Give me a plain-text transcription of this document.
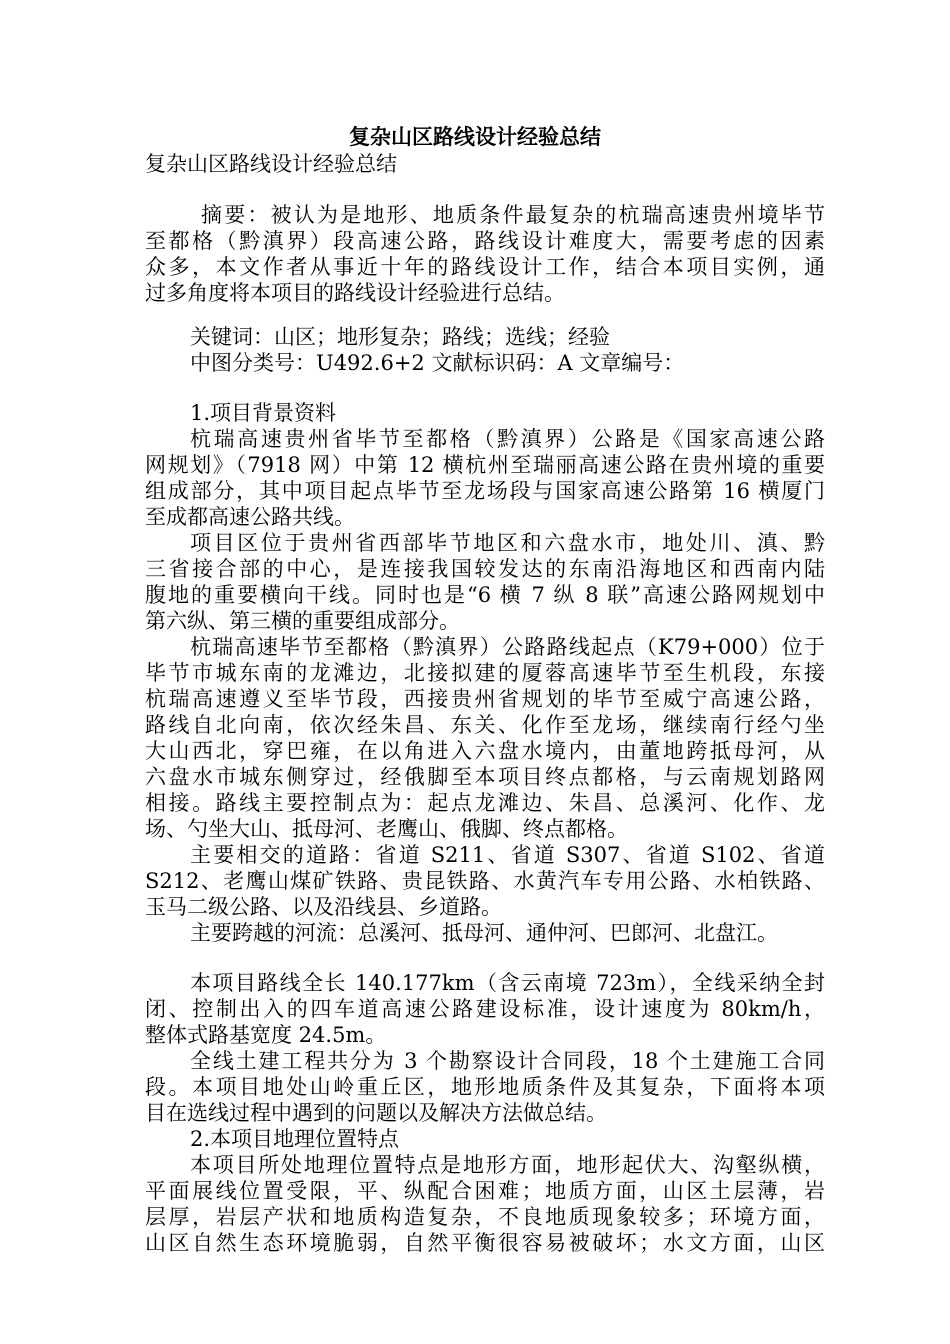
复杂山区路线设计经验总结
复杂山区路线设计经验总结
摘要：被认为是地形、地质条件最复杂的杭瑞高速贵州境毕节
至都格（黔滇界）段高速公路，路线设计难度大，需要考虑的因素
众多，本文作者从事近十年的路线设计工作，结合本项目实例，通
过多角度将本项目的路线设计经验进行总结。
关键词：山区；地形复杂；路线；选线；经验
中图分类号：U492.6+2 文献标识码：A 文章编号：
1.项目背景资料
杭瑞高速贵州省毕节至都格（黔滇界）公路是《国家高速公路
网规划》（7918 网）中第 12 横杭州至瑞丽高速公路在贵州境的重要
组成部分，其中项目起点毕节至龙场段与国家高速公路第 16 横厦门
至成都高速公路共线。
项目区位于贵州省西部毕节地区和六盘水市，地处川、滇、黔
三省接合部的中心，是连接我国较发达的东南沿海地区和西南内陆
腹地的重要横向干线。同时也是“6 横 7 纵 8 联”高速公路网规划中
第六纵、第三横的重要组成部分。
杭瑞高速毕节至都格（黔滇界）公路路线起点（K79+000）位于
毕节市城东南的龙滩边，北接拟建的厦蓉高速毕节至生机段，东接
杭瑞高速遵义至毕节段，西接贵州省规划的毕节至威宁高速公路，
路线自北向南，依次经朱昌、东关、化作至龙场，继续南行经勺坐
大山西北，穿巴雍，在以角进入六盘水境内，由董地跨抵母河，从
六盘水市城东侧穿过，经俄脚至本项目终点都格，与云南规划路网
相接。路线主要控制点为：起点龙滩边、朱昌、总溪河、化作、龙
场、勺坐大山、抵母河、老鹰山、俄脚、终点都格。
主要相交的道路：省道 S211、省道 S307、省道 S102、省道
S212、老鹰山煤矿铁路、贵昆铁路、水黄汽车专用公路、水柏铁路、
玉马二级公路、以及沿线县、乡道路。
主要跨越的河流：总溪河、抵母河、通仲河、巴郎河、北盘江。
本项目路线全长 140.177km（含云南境 723m），全线采纳全封
闭、控制出入的四车道高速公路建设标准，设计速度为 80km/h，
整体式路基宽度 24.5m。
全线土建工程共分为 3 个勘察设计合同段，18 个土建施工合同
段。本项目地处山岭重丘区，地形地质条件及其复杂，下面将本项
目在选线过程中遇到的问题以及解决方法做总结。
2.本项目地理位置特点
本项目所处地理位置特点是地形方面，地形起伏大、沟壑纵横，
平面展线位置受限，平、纵配合困难；地质方面，山区土层薄，岩
层厚，岩层产状和地质构造复杂，不良地质现象较多；环境方面，
山区自然生态环境脆弱，自然平衡很容易被破坏；水文方面，山区
